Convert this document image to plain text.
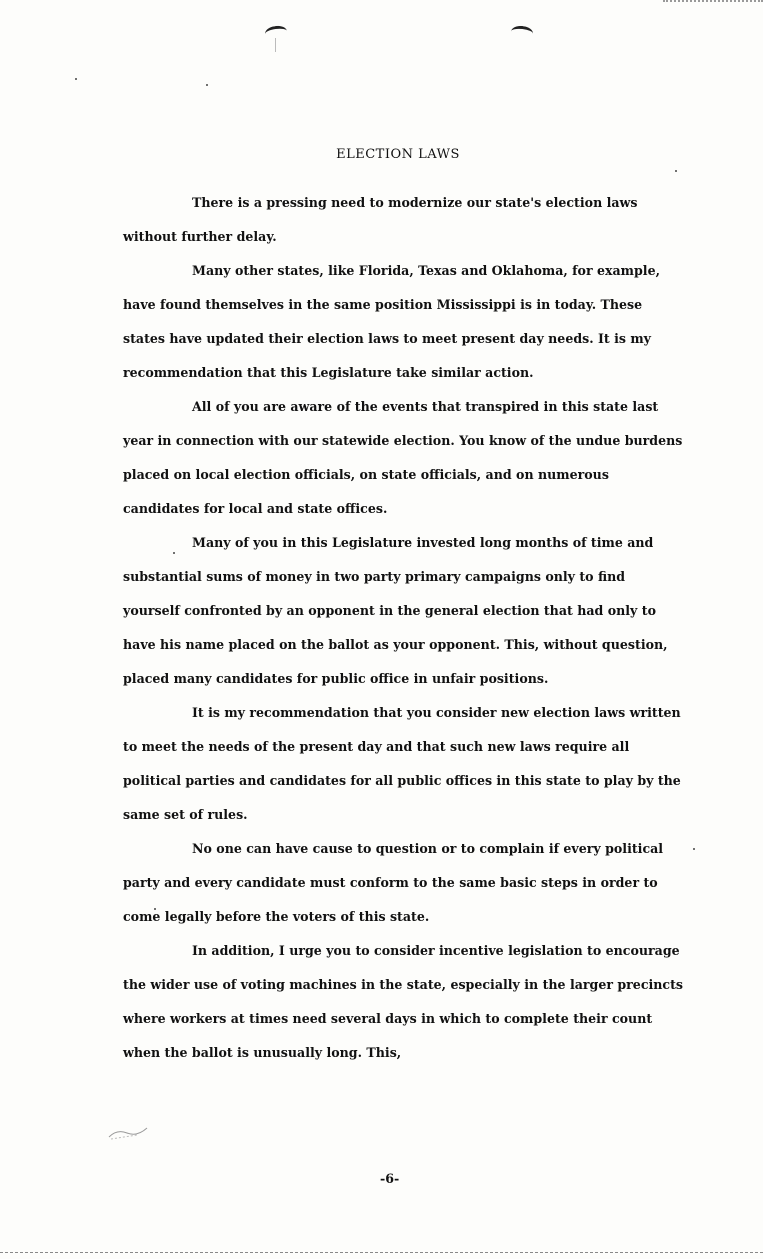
ELECTION LAWS

There is a pressing need to modernize our state's election laws without further delay.

Many other states, like Florida, Texas and Oklahoma, for example, have found themselves in the same position Mississippi is in today. These states have updated their election laws to meet present day needs. It is my recommendation that this Legislature take similar action.

All of you are aware of the events that transpired in this state last year in connection with our statewide election. You know of the undue burdens placed on local election officials, on state officials, and on numerous candidates for local and state offices.

Many of you in this Legislature invested long months of time and substantial sums of money in two party primary campaigns only to find yourself confronted by an opponent in the general election that had only to have his name placed on the ballot as your opponent. This, without question, placed many candidates for public office in unfair positions.

It is my recommendation that you consider new election laws written to meet the needs of the present day and that such new laws require all political parties and candidates for all public offices in this state to play by the same set of rules.

No one can have cause to question or to complain if every political party and every candidate must conform to the same basic steps in order to come legally before the voters of this state.

In addition, I urge you to consider incentive legislation to encourage the wider use of voting machines in the state, especially in the larger precincts where workers at times need several days in which to complete their count when the ballot is unusually long. This,

-6-
